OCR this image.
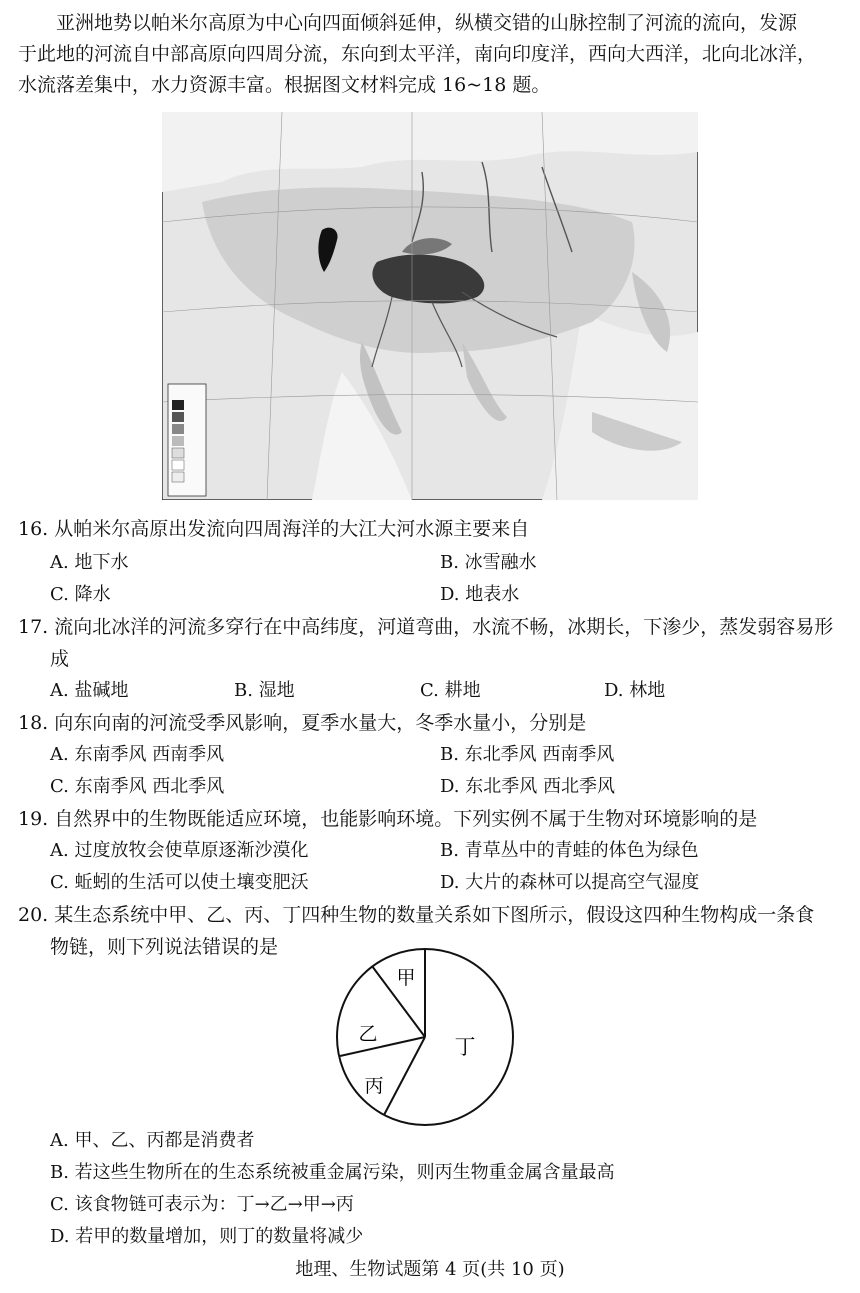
亚洲地势以帕米尔高原为中心向四面倾斜延伸，纵横交错的山脉控制了河流的流向，发源
于此地的河流自中部高原向四周分流，东向到太平洋，南向印度洋，西向大西洋，北向北冰洋，
水流落差集中，水力资源丰富。根据图文材料完成 16~18 题。
16. 从帕米尔高原出发流向四周海洋的大江大河水源主要来自
A. 地下水	B. 冰雪融水
C. 降水	D. 地表水
17. 流向北冰洋的河流多穿行在中高纬度，河道弯曲，水流不畅，冰期长，下渗少，蒸发弱容易形
成
A. 盐碱地	B. 湿地	C. 耕地	D. 林地
18. 向东向南的河流受季风影响，夏季水量大，冬季水量小，分别是
A. 东南季风 西南季风	B. 东北季风 西南季风
C. 东南季风 西北季风	D. 东北季风 西北季风
19. 自然界中的生物既能适应环境，也能影响环境。下列实例不属于生物对环境影响的是
A. 过度放牧会使草原逐渐沙漠化	B. 青草丛中的青蛙的体色为绿色
C. 蚯蚓的生活可以使土壤变肥沃	D. 大片的森林可以提高空气湿度
20. 某生态系统中甲、乙、丙、丁四种生物的数量关系如下图所示，假设这四种生物构成一条食
物链，则下列说法错误的是
甲
乙
丙
丁
A. 甲、乙、丙都是消费者
B. 若这些生物所在的生态系统被重金属污染，则丙生物重金属含量最高
C. 该食物链可表示为：丁→乙→甲→丙
D. 若甲的数量增加，则丁的数量将减少
地理、生物试题第 4 页(共 10 页)
